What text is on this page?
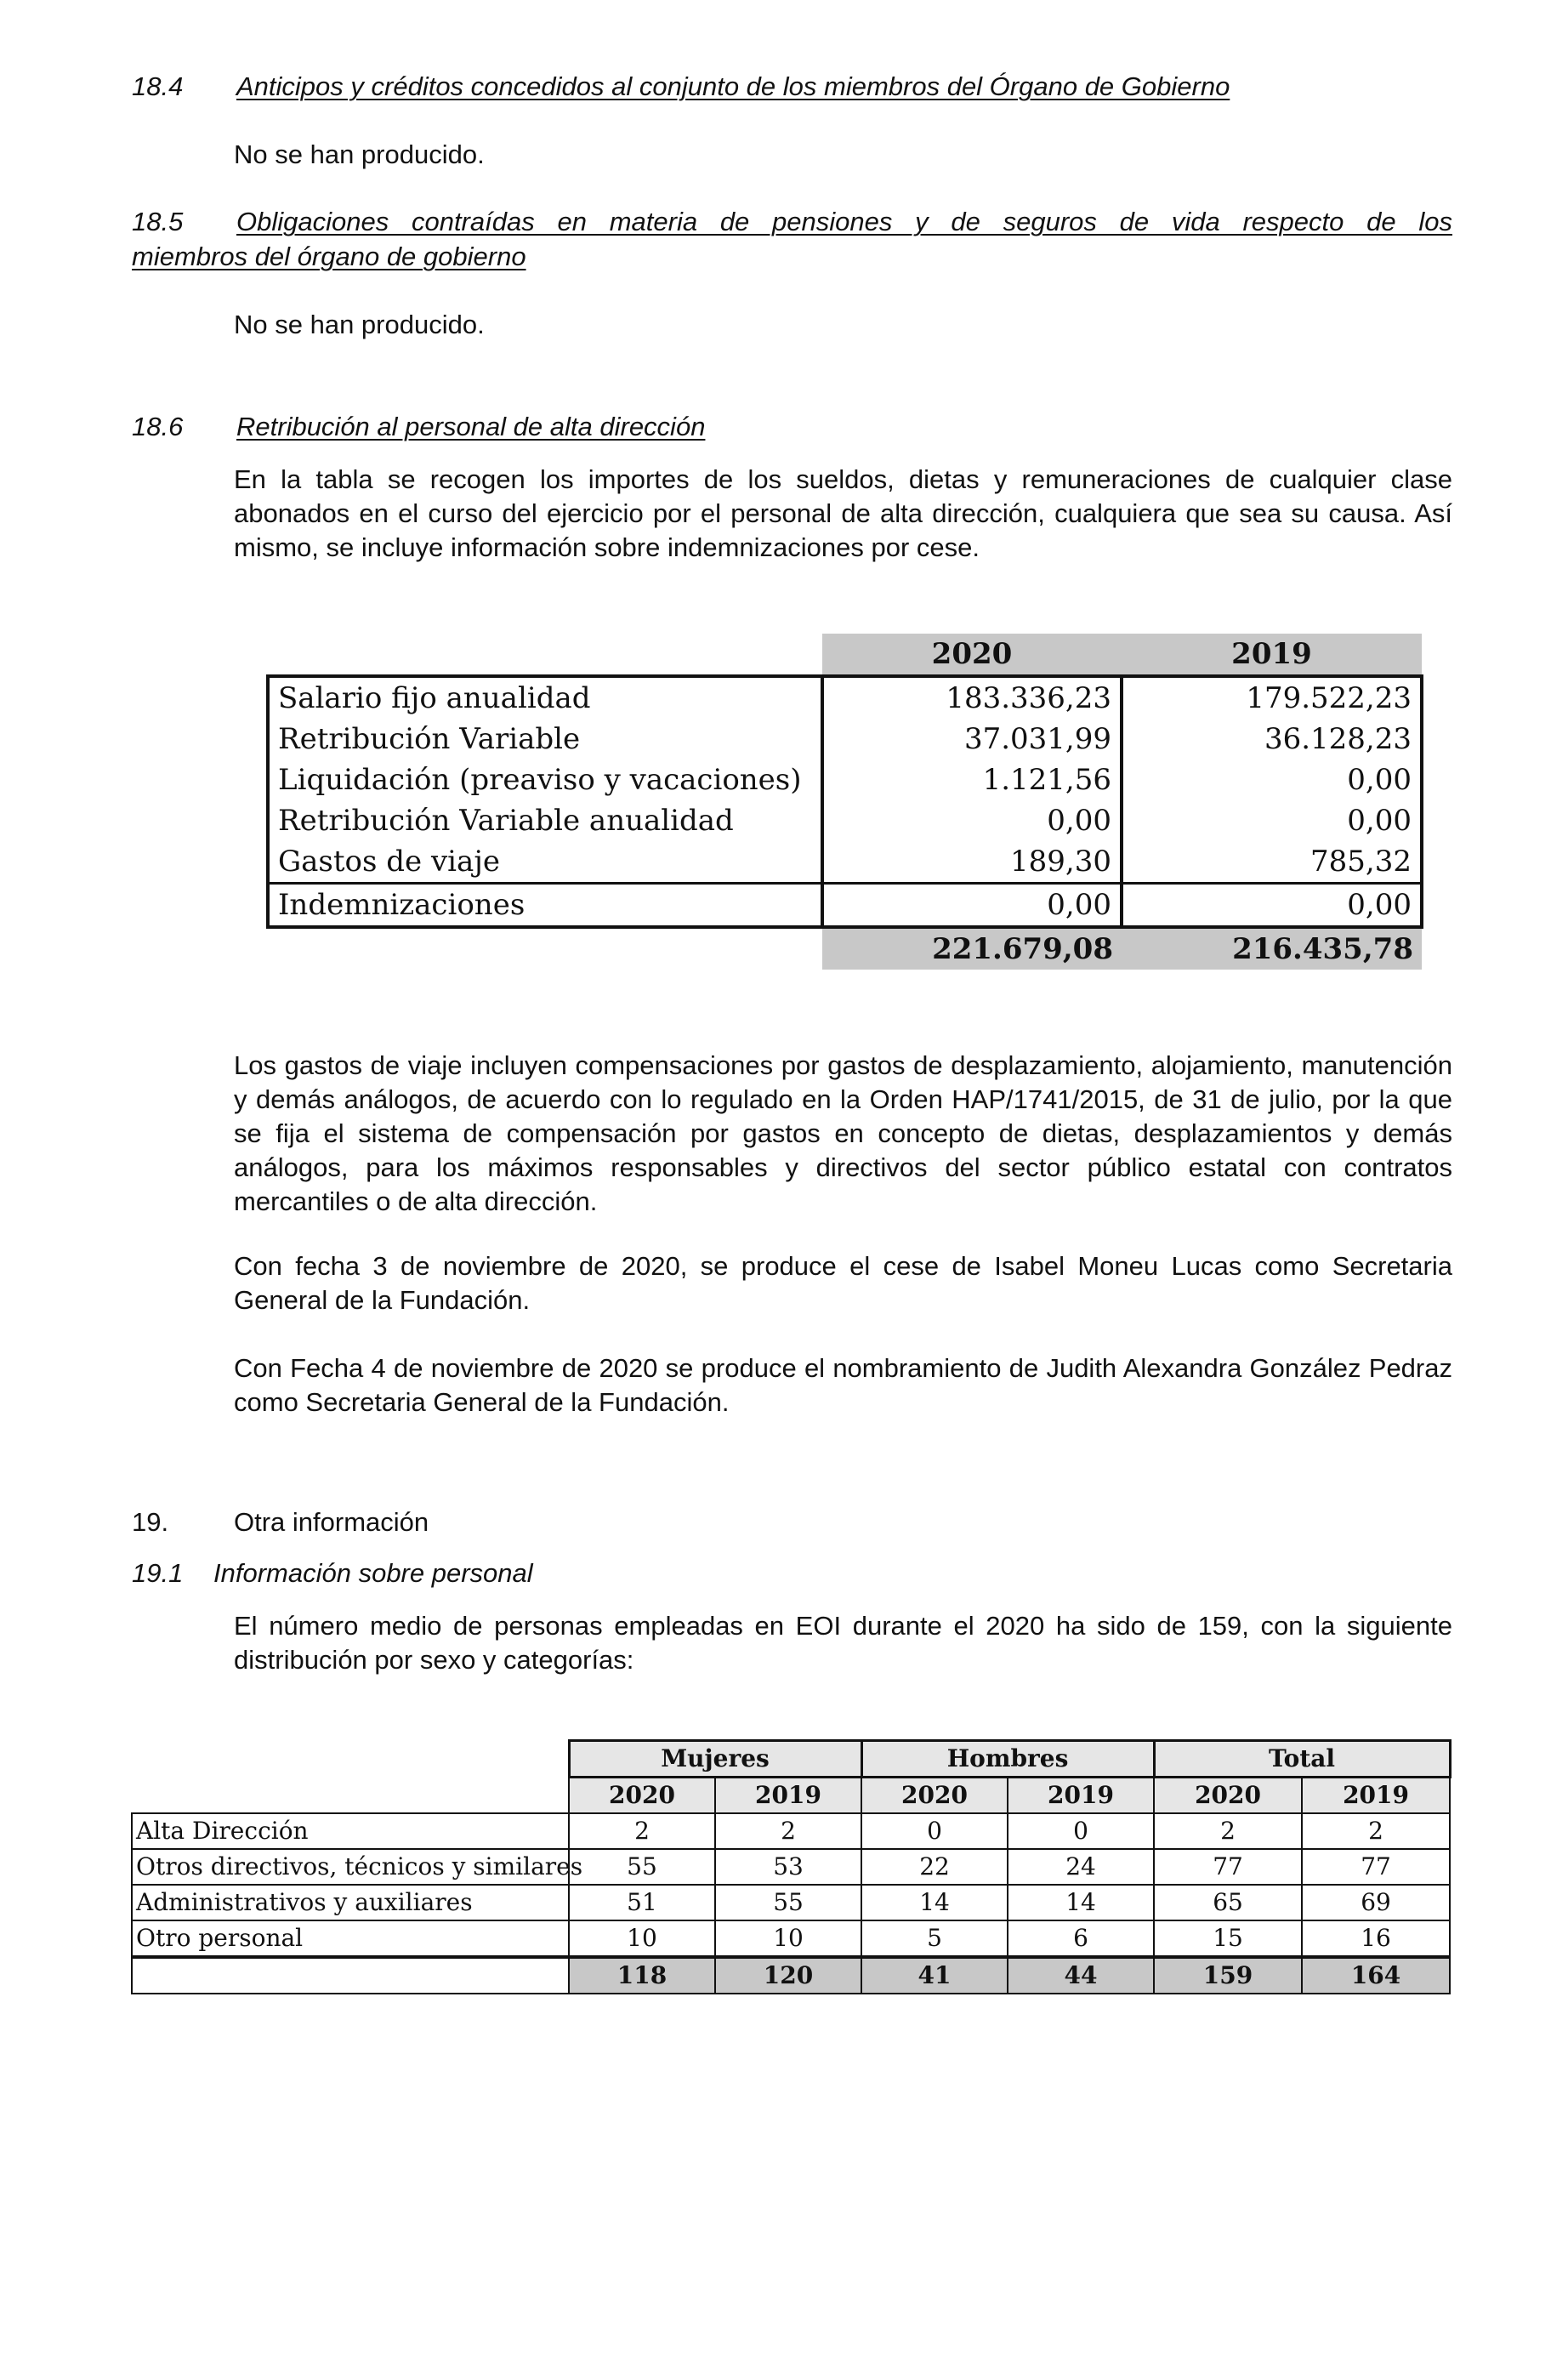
18.4 Anticipos y créditos concedidos al conjunto de los miembros del Órgano de Gobierno
No se han producido.
18.5 Obligaciones contraídas en materia de pensiones y de seguros de vida respecto de los
miembros del órgano de gobierno
No se han producido.
18.6 Retribución al personal de alta dirección
En la tabla se recogen los importes de los sueldos, dietas y remuneraciones de cualquier clase abonados en el curso del ejercicio por el personal de alta dirección, cualquiera que sea su causa. Así mismo, se incluye información sobre indemnizaciones por cese.
	2020	2019
Salario fijo anualidad	183.336,23	179.522,23
Retribución Variable	37.031,99	36.128,23
Liquidación (preaviso y vacaciones)	1.121,56	0,00
Retribución Variable anualidad	0,00	0,00
Gastos de viaje	189,30	785,32
Indemnizaciones	0,00	0,00
	221.679,08	216.435,78
Los gastos de viaje incluyen compensaciones por gastos de desplazamiento, alojamiento, manutención y demás análogos, de acuerdo con lo regulado en la Orden HAP/1741/2015, de 31 de julio, por la que se fija el sistema de compensación por gastos en concepto de dietas, desplazamientos y demás análogos, para los máximos responsables y directivos del sector público estatal con contratos mercantiles o de alta dirección.
Con fecha 3 de noviembre de 2020, se produce el cese de Isabel Moneu Lucas como Secretaria General de la Fundación.
Con Fecha 4 de noviembre de 2020 se produce el nombramiento de Judith Alexandra González Pedraz como Secretaria General de la Fundación.
19. Otra información
19.1 Información sobre personal
El número medio de personas empleadas en EOI durante el 2020 ha sido de 159, con la siguiente distribución por sexo y categorías:
	Mujeres		Hombres		Total	
	2020	2019	2020	2019	2020	2019
Alta Dirección	2	2	0	0	2	2
Otros directivos, técnicos y similares	55	53	22	24	77	77
Administrativos y auxiliares	51	55	14	14	65	69
Otro personal	10	10	5	6	15	16
	118	120	41	44	159	164
